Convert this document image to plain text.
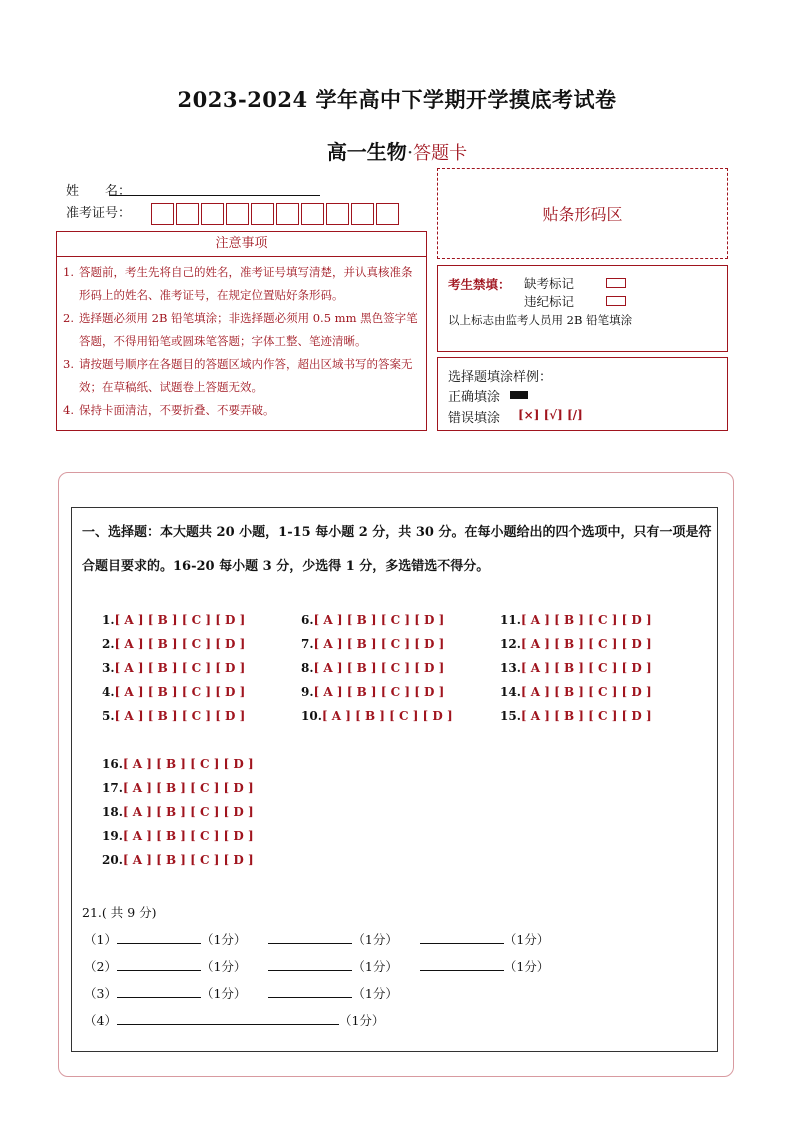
2023-2024 学年高中下学期开学摸底考试卷
高一生物·答题卡
姓　　名：
准考证号：	贴条形码区
注意事项
1. 答题前，考生先将自己的姓名，准考证号填写清楚，并认真核准条形码上的姓名、准考证号，在规定位置贴好条形码。
2. 选择题必须用 2B 铅笔填涂；非选择题必须用 0.5 mm 黑色签字笔答题，不得用铅笔或圆珠笔答题；字体工整、笔迹清晰。
3. 请按题号顺序在各题目的答题区域内作答，超出区域书写的答案无效；在草稿纸、试题卷上答题无效。
4. 保持卡面清洁，不要折叠、不要弄破。
考生禁填： 缺考标记
违纪标记
以上标志由监考人员用 2B 铅笔填涂
选择题填涂样例：
正确填涂
错误填涂 [×] [√] [/]
一、选择题：本大题共 20 小题，1-15 每小题 2 分，共 30 分。在每小题给出的四个选项中，只有一项是符合题目要求的。16-20 每小题 3 分，少选得 1 分，多选错选不得分。
1.[ A ] [ B ] [ C ] [ D ]
2.[ A ] [ B ] [ C ] [ D ]
3.[ A ] [ B ] [ C ] [ D ]
4.[ A ] [ B ] [ C ] [ D ]
5.[ A ] [ B ] [ C ] [ D ]
6.[ A ] [ B ] [ C ] [ D ]
7.[ A ] [ B ] [ C ] [ D ]
8.[ A ] [ B ] [ C ] [ D ]
9.[ A ] [ B ] [ C ] [ D ]
10.[ A ] [ B ] [ C ] [ D ]
11.[ A ] [ B ] [ C ] [ D ]
12.[ A ] [ B ] [ C ] [ D ]
13.[ A ] [ B ] [ C ] [ D ]
14.[ A ] [ B ] [ C ] [ D ]
15.[ A ] [ B ] [ C ] [ D ]
16.[ A ] [ B ] [ C ] [ D ]
17.[ A ] [ B ] [ C ] [ D ]
18.[ A ] [ B ] [ C ] [ D ]
19.[ A ] [ B ] [ C ] [ D ]
20.[ A ] [ B ] [ C ] [ D ]
21.( 共 9 分)
（1）	（1分）	（1分）	（1分）
（2）	（1分）	（1分）	（1分）
（3）	（1分）	（1分）
（4）	（1分）
